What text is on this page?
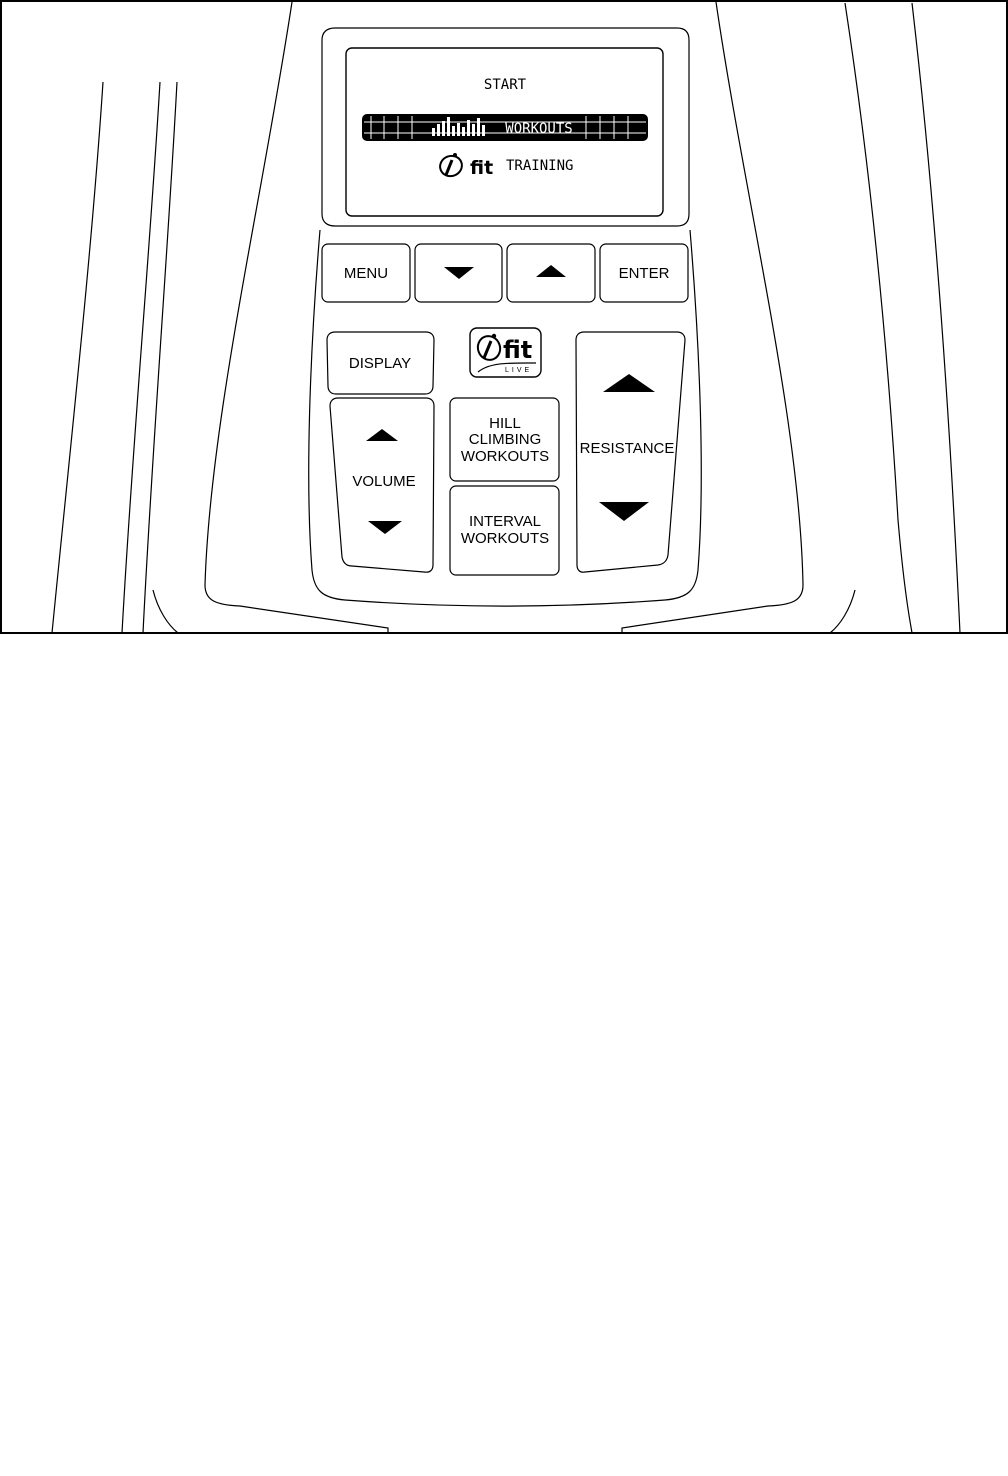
START
WORKOUTS
fit TRAINING
MENU	ENTER
DISPLAY
VOLUME
fit
LIVE
HILL
CLIMBING
WORKOUTS
INTERVAL
WORKOUTS
RESISTANCE
